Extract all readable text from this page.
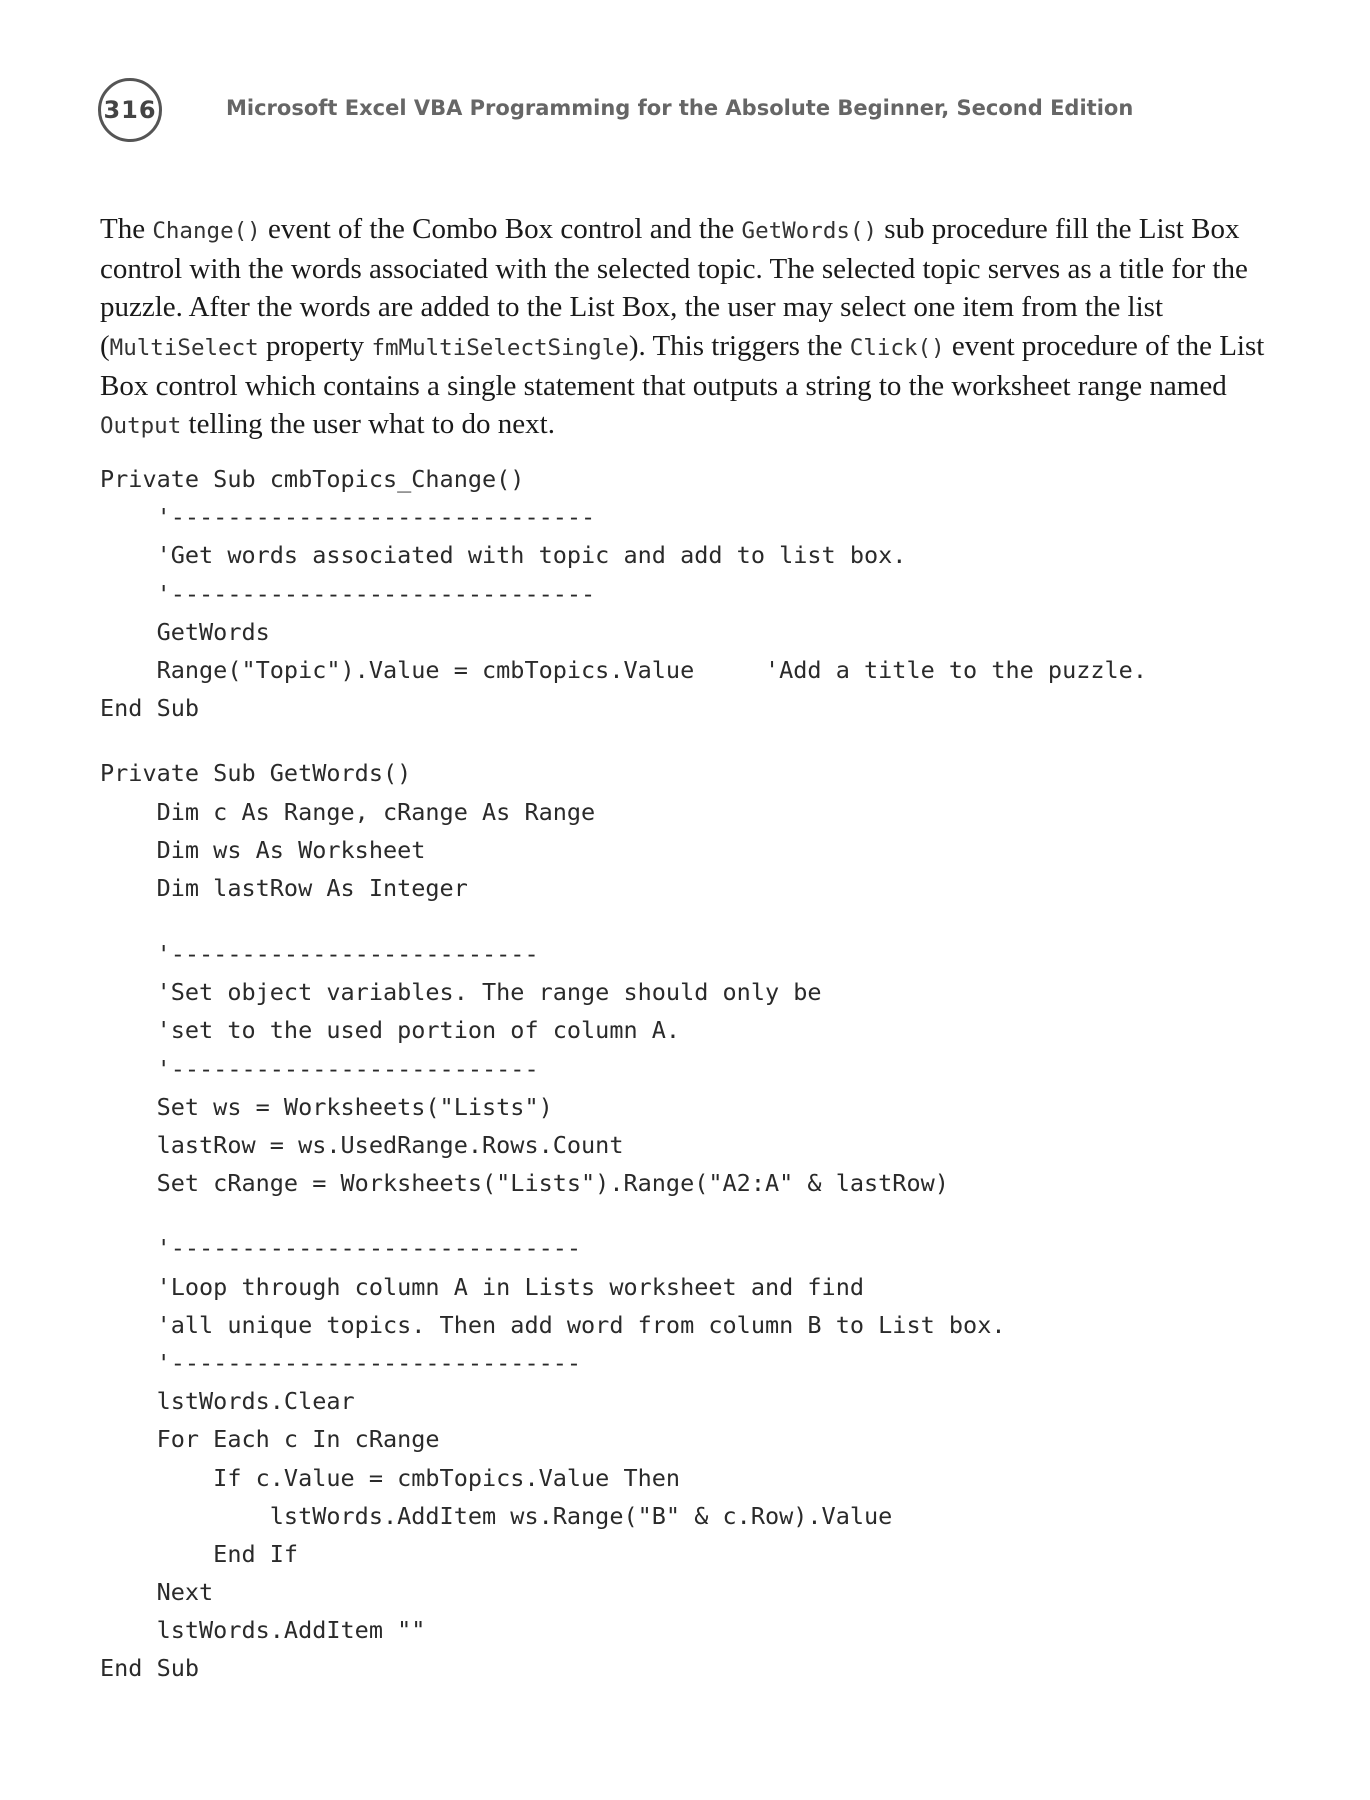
316	Microsoft Excel VBA Programming for the Absolute Beginner, Second Edition

The Change() event of the Combo Box control and the GetWords() sub procedure fill the List Box control with the words associated with the selected topic. The selected topic serves as a title for the puzzle. After the words are added to the List Box, the user may select one item from the list (MultiSelect property fmMultiSelectSingle). This triggers the Click() event procedure of the List Box control which contains a single statement that outputs a string to the worksheet range named Output telling the user what to do next.

Private Sub cmbTopics_Change()
'------------------------------
'Get words associated with topic and add to list box.
'------------------------------
GetWords
Range("Topic").Value = cmbTopics.Value     'Add a title to the puzzle.
End Sub
Private Sub GetWords()
Dim c As Range, cRange As Range
Dim ws As Worksheet
Dim lastRow As Integer
'--------------------------
'Set object variables. The range should only be
'set to the used portion of column A.
'--------------------------
Set ws = Worksheets("Lists")
lastRow = ws.UsedRange.Rows.Count
Set cRange = Worksheets("Lists").Range("A2:A" & lastRow)
'-----------------------------
'Loop through column A in Lists worksheet and find
'all unique topics. Then add word from column B to List box.
'-----------------------------
lstWords.Clear
For Each c In cRange
If c.Value = cmbTopics.Value Then
lstWords.AddItem ws.Range("B" & c.Row).Value
End If
Next
lstWords.AddItem ""
End Sub
